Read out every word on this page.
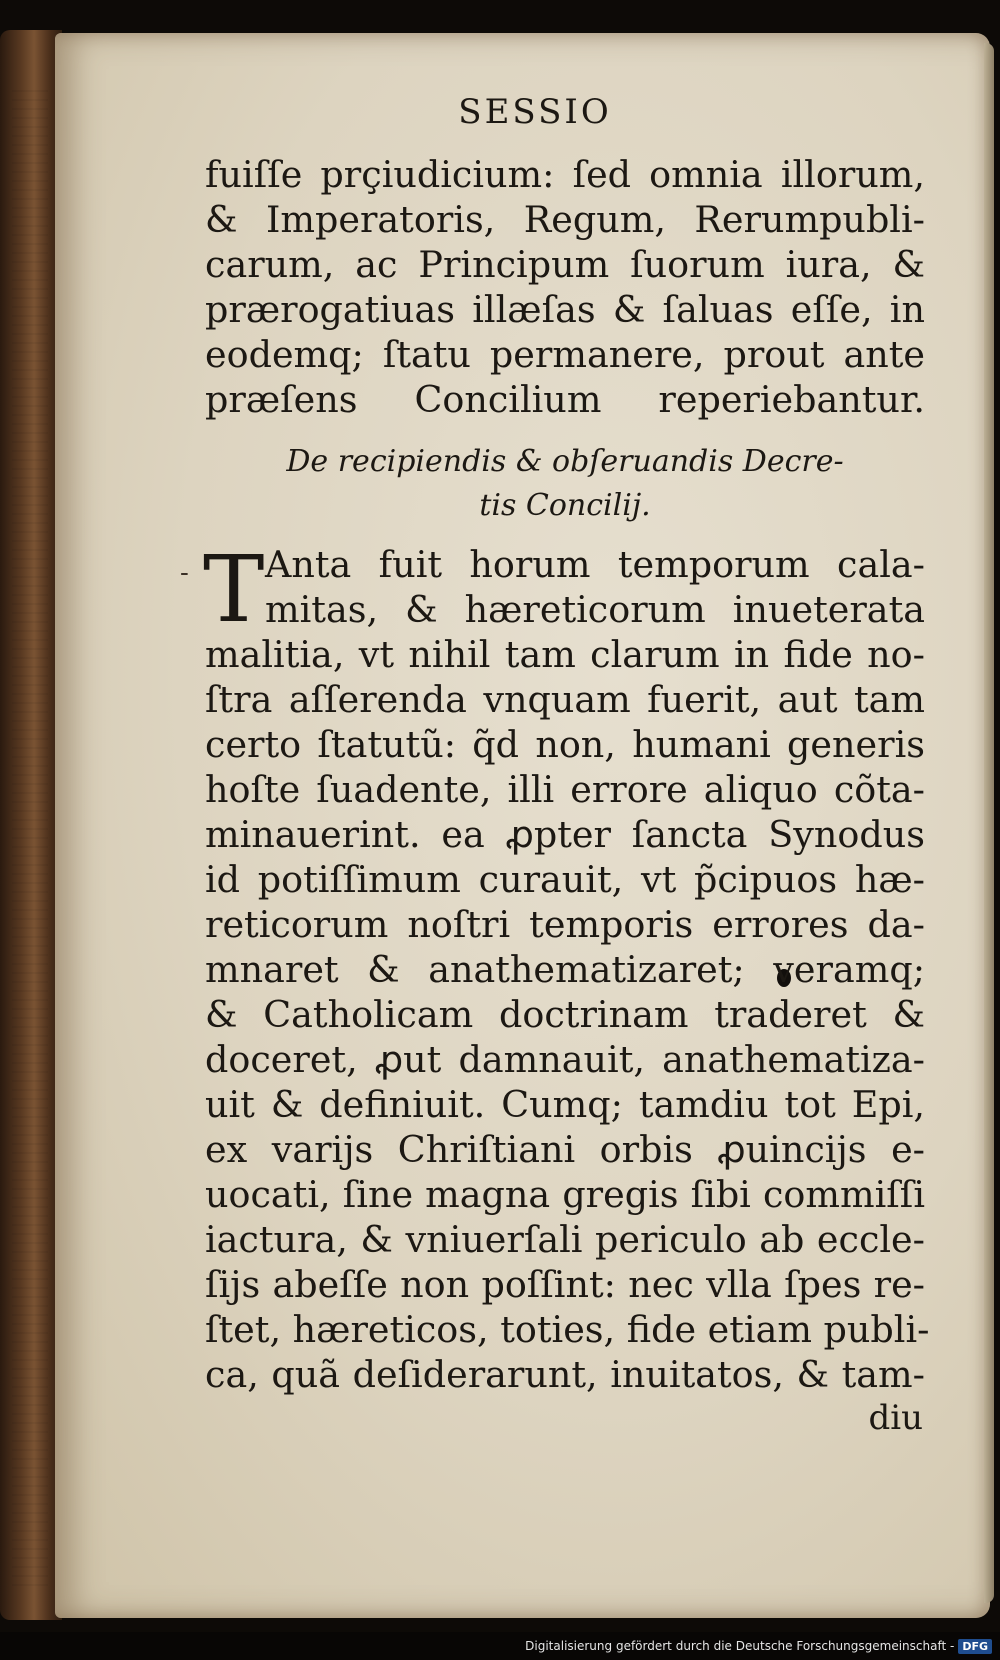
SESSIO
-
fuiſſe prçiudicium: ſed omnia illorum,
& Imperatoris, Regum, Rerumpubli-
carum, ac Principum ſuorum iura, &
prærogatiuas illæſas & ſaluas eſſe, in
eodemq; ſtatu permanere, prout ante
præſens Concilium reperiebantur.
De recipiendis & obſeruandis Decre-
tis Concilij.
T Anta fuit horum temporum cala-
mitas, & hæreticorum inueterata
malitia, vt nihil tam clarum in fide no-
ſtra aſſerenda vnquam fuerit, aut tam
certo ſtatutũ: q̃d non, humani generis
hoſte ſuadente, illi errore aliquo cõta-
minauerint. ea ꝓpter ſancta Synodus
id potiſſimum curauit, vt p̃cipuos hæ-
reticorum noſtri temporis errores da-
mnaret & anathematizaret; veramq;
& Catholicam doctrinam traderet &
doceret, ꝓut damnauit, anathematiza-
uit & definiuit. Cumq; tamdiu tot Epi,
ex varijs Chriſtiani orbis ꝓuincijs e-
uocati, ſine magna gregis ſibi commiſſi
iactura, & vniuerſali periculo ab eccle-
ſijs abeſſe non poſſint: nec vlla ſpes re-
ſtet, hæreticos, toties, fide etiam publi-
ca, quã deſiderarunt, inuitatos, & tam-
diu
Digitalisierung gefördert durch die Deutsche Forschungsgemeinschaft - DFG
